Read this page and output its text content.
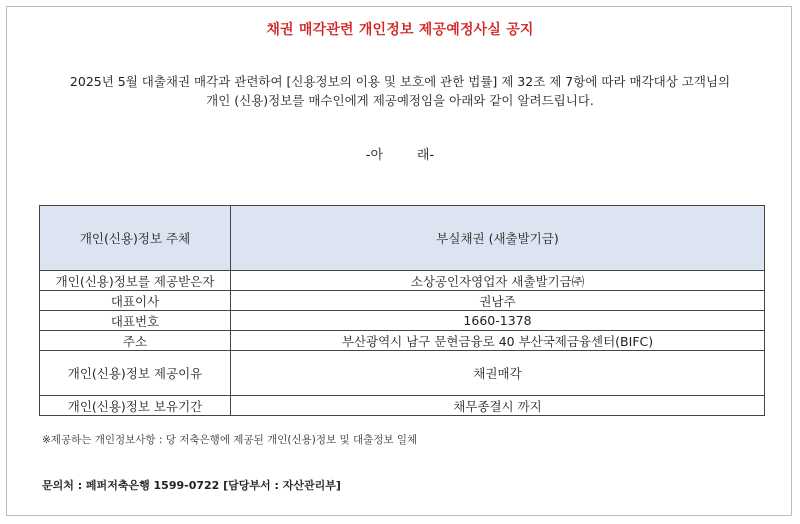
채권 매각관련 개인정보 제공예정사실 공지
2025년 5월 대출채권 매각과 관련하여 [신용정보의 이용 및 보호에 관한 법률] 제 32조 제 7항에 따라 매각대상 고객님의
개인 (신용)정보를 매수인에게 제공예정임을 아래와 같이 알려드립니다.
-아	래-
개인(신용)정보 주체	부실채권 (새출발기금)
개인(신용)정보를 제공받은자	소상공인자영업자 새출발기금㈜
대표이사	권남주
대표번호	1660-1378
주소	부산광역시 남구 문현금융로 40 부산국제금융센터(BIFC)
개인(신용)정보 제공이유	채권매각
개인(신용)정보 보유기간	채무종결시 까지
※제공하는 개인정보사항 : 당 저축은행에 제공된 개인(신용)정보 및 대출정보 일체
문의처 : 페퍼저축은행 1599-0722 [담당부서 : 자산관리부]
